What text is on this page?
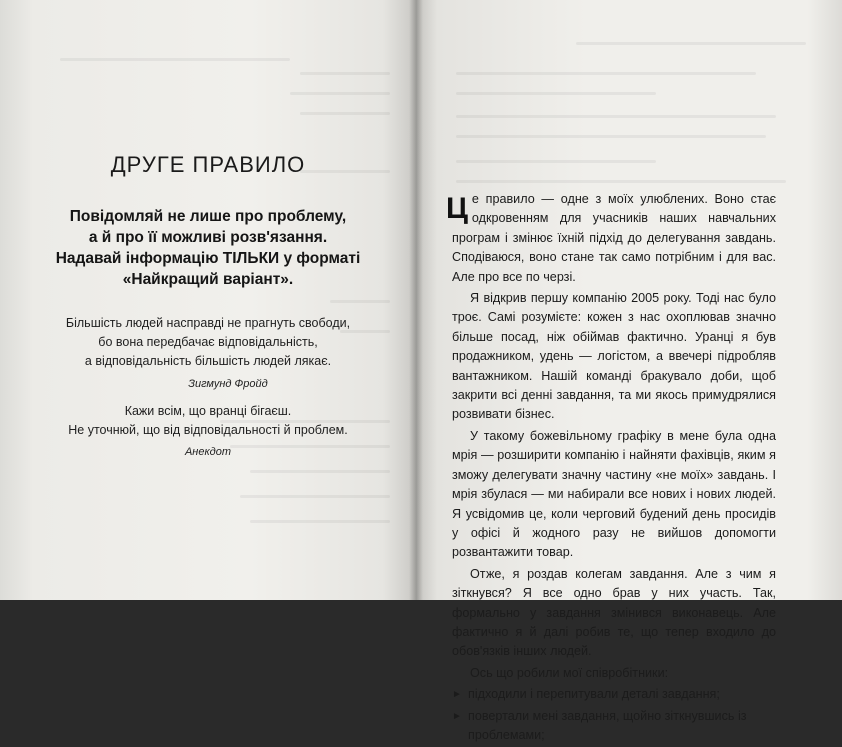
ДРУГЕ ПРАВИЛО
Повідомляй не лише про проблему,
а й про її можливі розв'язання.
Надавай інформацію ТІЛЬКИ у форматі
«Найкращий варіант».
Більшість людей насправді не прагнуть свободи,
бо вона передбачає відповідальність,
а відповідальність більшість людей лякає.
Зигмунд Фройд
Кажи всім, що вранці бігаєш.
Не уточнюй, що від відповідальності й проблем.
Анекдот

Це правило — одне з моїх улюблених. Воно стає одкровенням для учасників наших навчальних програм і змінює їхній підхід до делегування завдань. Сподіваюся, воно стане так само потрібним і для вас. Але про все по черзі.

Я відкрив першу компанію 2005 року. Тоді нас було троє. Самі розумієте: кожен з нас охоплював значно більше посад, ніж обіймав фактично. Уранці я був продажником, удень — логістом, а ввечері підробляв вантажником. Нашій команді бракувало доби, щоб закрити всі денні завдання, та ми якось примудрялися розвивати бізнес.

У такому божевільному графіку в мене була одна мрія — розширити компанію і найняти фахівців, яким я зможу делегувати значну частину «не моїх» завдань. І мрія збулася — ми набирали все нових і нових людей. Я усвідомив це, коли черговий будений день просидів у офісі й жодного разу не вийшов допомогти розвантажити товар.

Отже, я роздав колегам завдання. Але з чим я зіткнувся? Я все одно брав у них участь. Так, формально у завдання змінився виконавець. Але фактично я й далі робив те, що тепер входило до обов'язків інших людей.

Ось що робили мої співробітники:

► підходили і перепитували деталі завдання;

► повертали мені завдання, щойно зіткнувшись із проблемами;
